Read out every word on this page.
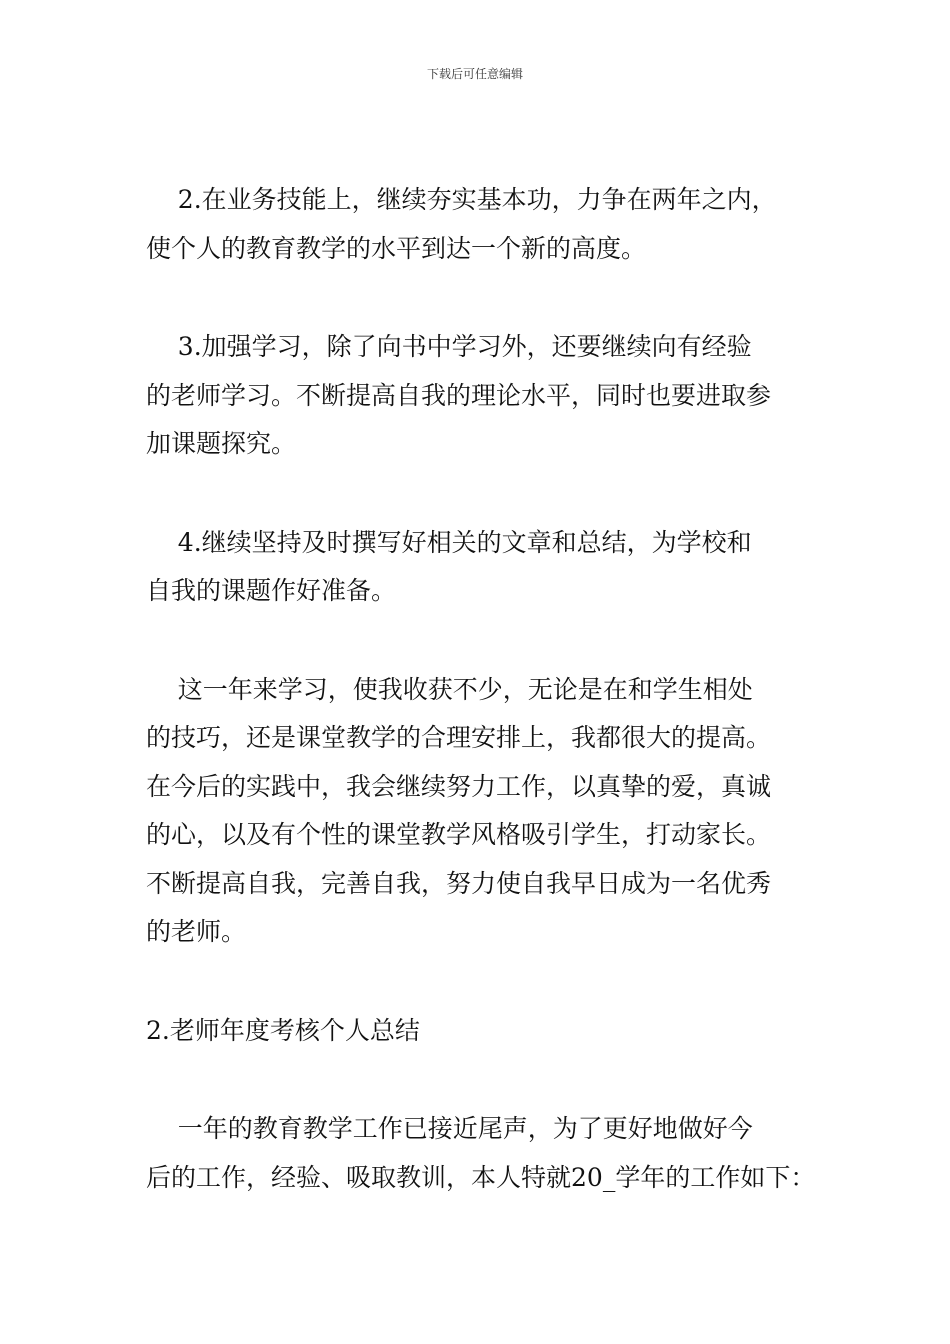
下载后可任意编辑

2.在业务技能上，继续夯实基本功，力争在两年之内，

使个人的教育教学的水平到达一个新的高度。

3.加强学习，除了向书中学习外，还要继续向有经验

的老师学习。不断提高自我的理论水平，同时也要进取参

加课题探究。

4.继续坚持及时撰写好相关的文章和总结，为学校和

自我的课题作好准备。

这一年来学习，使我收获不少，无论是在和学生相处

的技巧，还是课堂教学的合理安排上，我都很大的提高。

在今后的实践中，我会继续努力工作，以真挚的爱，真诚

的心，以及有个性的课堂教学风格吸引学生，打动家长。

不断提高自我，完善自我，努力使自我早日成为一名优秀

的老师。

2.老师年度考核个人总结

一年的教育教学工作已接近尾声，为了更好地做好今

后的工作，经验、吸取教训，本人特就20_学年的工作如下：
